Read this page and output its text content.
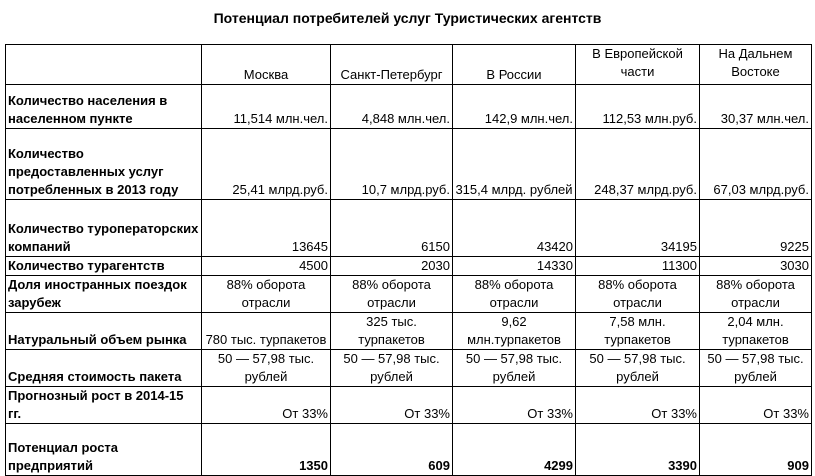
Потенциал потребителей услуг Туристических агентств
	Москва	Санкт-Петербург	В России	В Европейской части	На Дальнем Востоке
Количество населения в населенном пункте	11,514 млн.чел.	4,848 млн.чел.	142,9 млн.чел.	112,53 млн.руб.	30,37 млн.чел.
Количество предоставленных услуг потребленных в 2013 году	25,41 млрд.руб.	10,7 млрд.руб.	315,4 млрд. рублей	248,37 млрд.руб.	67,03 млрд.руб.
Количество туроператорских компаний	13645	6150	43420	34195	9225
Количество турагентств	4500	2030	14330	11300	3030
Доля иностранных поездок зарубеж	88% оборота отрасли	88% оборота отрасли	88% оборота отрасли	88% оборота отрасли	88% оборота отрасли
Натуральный объем рынка	780 тыс. турпакетов	325 тыс. турпакетов	9,62 млн.турпакетов	7,58 млн. турпакетов	2,04 млн. турпакетов
Средняя стоимость пакета	50 — 57,98 тыс. рублей	50 — 57,98 тыс. рублей	50 — 57,98 тыс. рублей	50 — 57,98 тыс. рублей	50 — 57,98 тыс. рублей
Прогнозный рост в 2014-15 гг.	От 33%	От 33%	От 33%	От 33%	От 33%
Потенциал роста предприятий	1350	609	4299	3390	909
